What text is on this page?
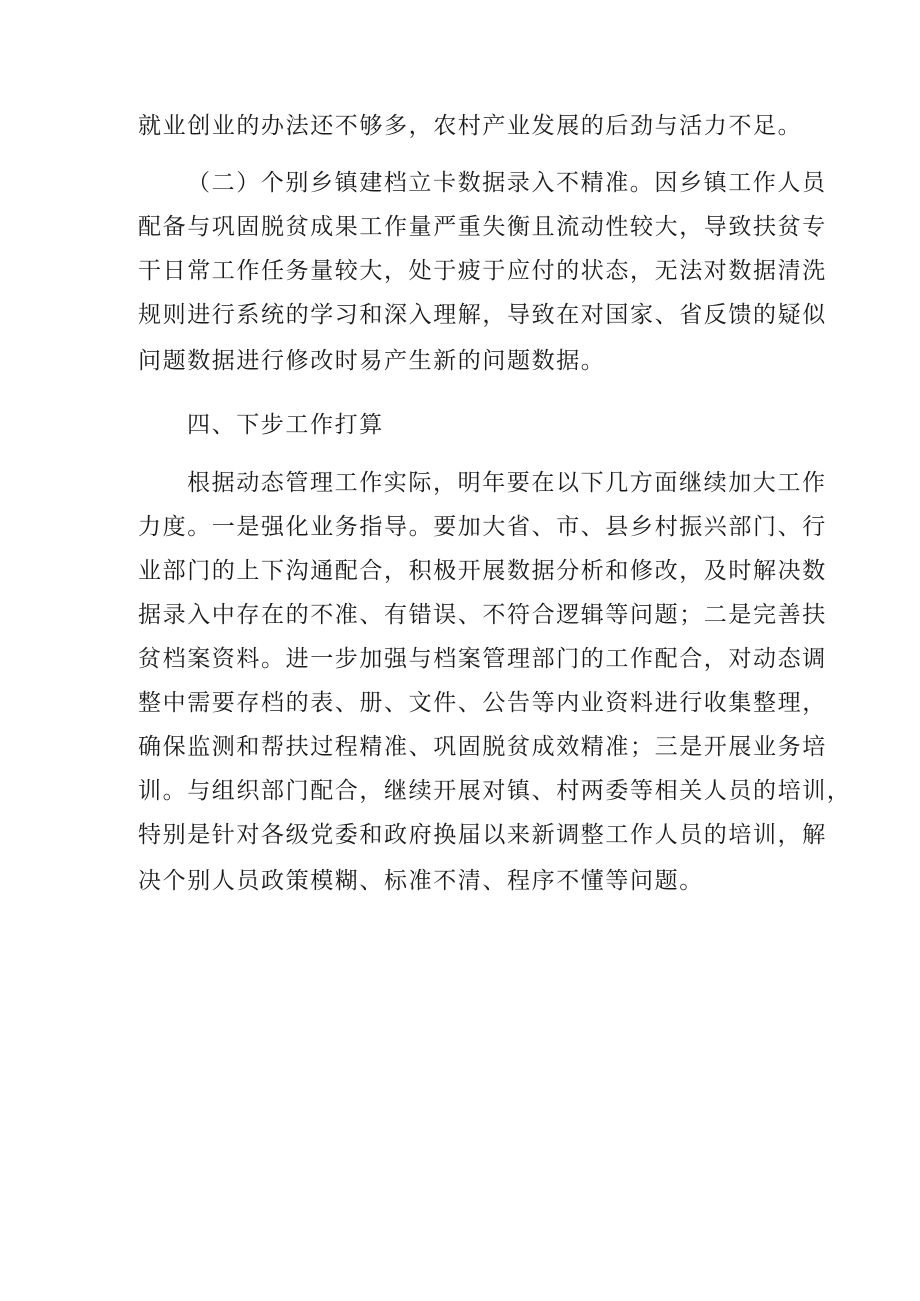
就业创业的办法还不够多，农村产业发展的后劲与活力不足。
（二）个别乡镇建档立卡数据录入不精准。因乡镇工作人员
配备与巩固脱贫成果工作量严重失衡且流动性较大，导致扶贫专
干日常工作任务量较大，处于疲于应付的状态，无法对数据清洗
规则进行系统的学习和深入理解，导致在对国家、省反馈的疑似
问题数据进行修改时易产生新的问题数据。
四、下步工作打算
根据动态管理工作实际，明年要在以下几方面继续加大工作
力度。一是强化业务指导。要加大省、市、县乡村振兴部门、行
业部门的上下沟通配合，积极开展数据分析和修改，及时解决数
据录入中存在的不准、有错误、不符合逻辑等问题；二是完善扶
贫档案资料。进一步加强与档案管理部门的工作配合，对动态调
整中需要存档的表、册、文件、公告等内业资料进行收集整理，
确保监测和帮扶过程精准、巩固脱贫成效精准；三是开展业务培
训。与组织部门配合，继续开展对镇、村两委等相关人员的培训，
特别是针对各级党委和政府换届以来新调整工作人员的培训，解
决个别人员政策模糊、标准不清、程序不懂等问题。
